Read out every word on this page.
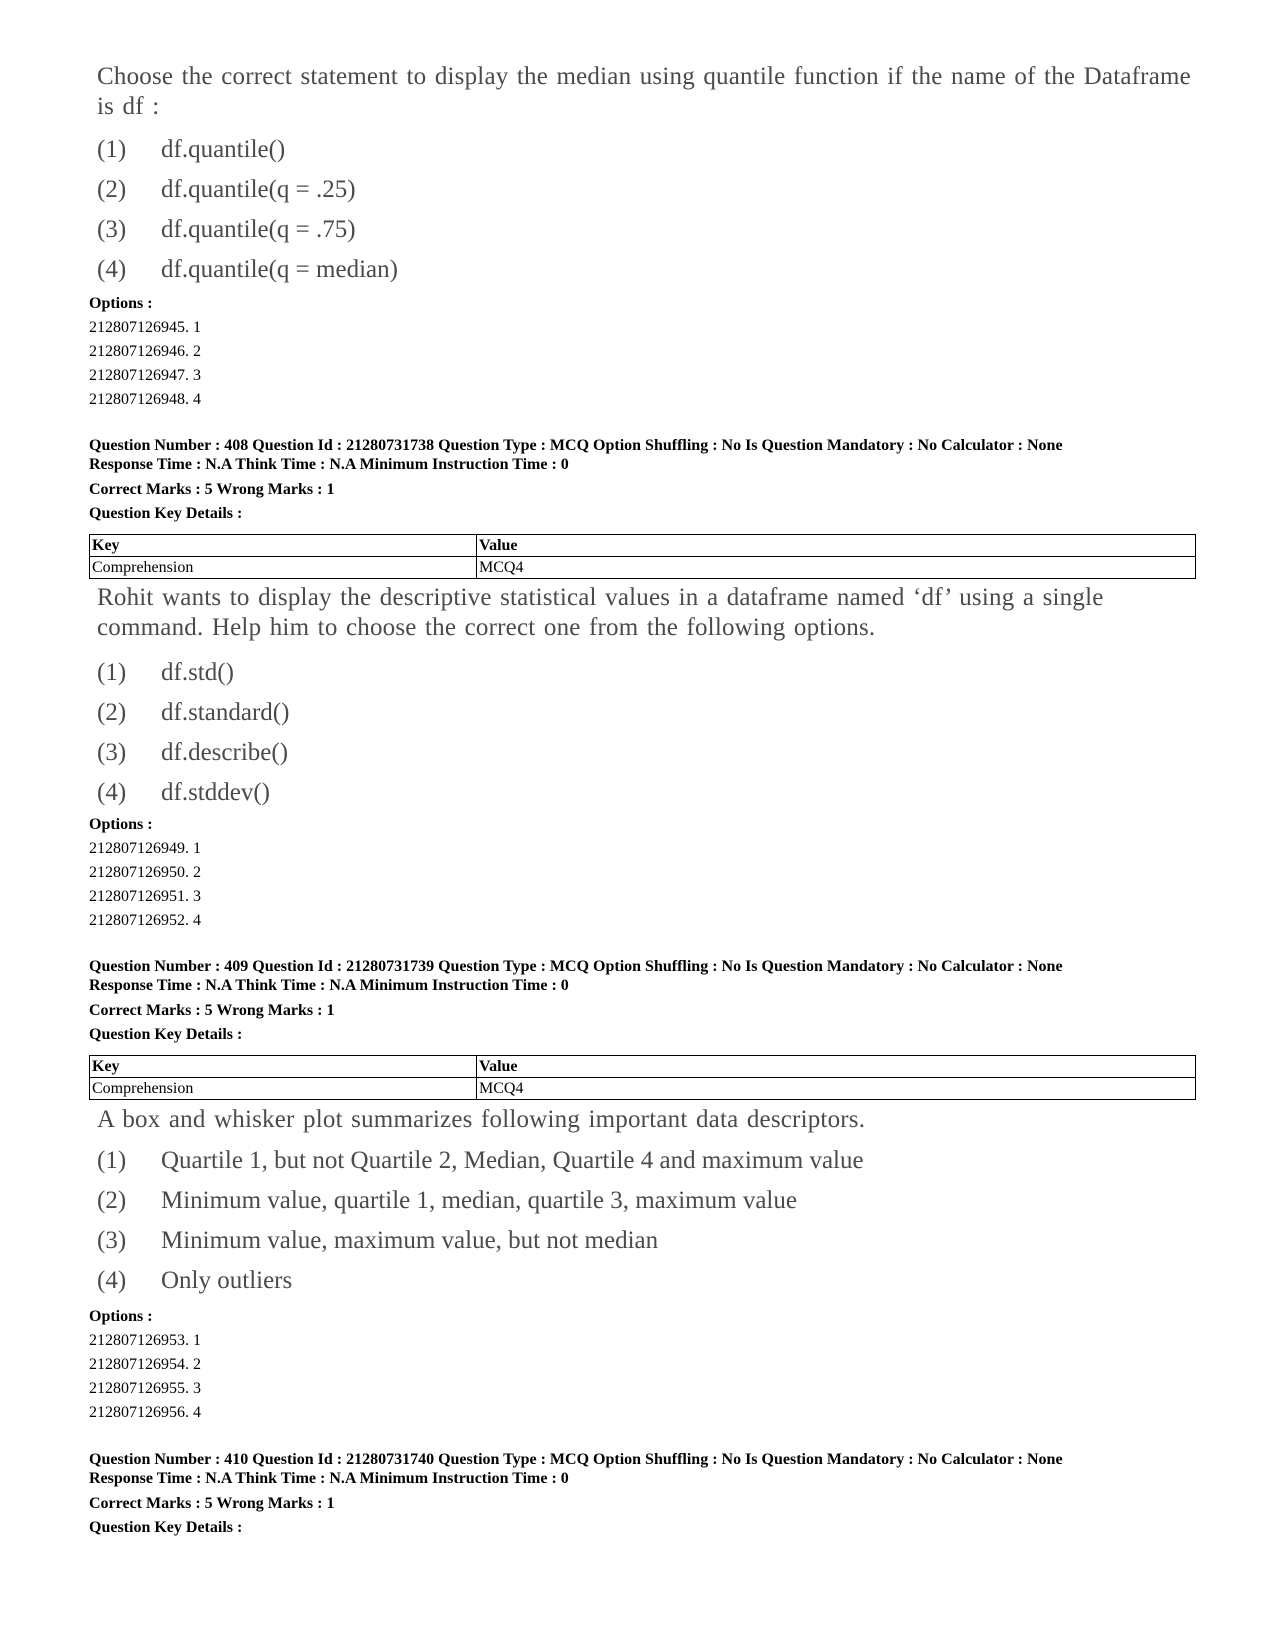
Choose the correct statement to display the median using quantile function if the name of the Dataframe is df :
(1)	df.quantile()
(2)	df.quantile(q = .25)
(3)	df.quantile(q = .75)
(4)	df.quantile(q = median)
Options :
212807126945. 1
212807126946. 2
212807126947. 3
212807126948. 4
Question Number : 408 Question Id : 21280731738 Question Type : MCQ Option Shuffling : No Is Question Mandatory : No Calculator : None
Response Time : N.A Think Time : N.A Minimum Instruction Time : 0
Correct Marks : 5 Wrong Marks : 1
Question Key Details :
Key	Value
Comprehension	MCQ4
Rohit wants to display the descriptive statistical values in a dataframe named ‘df’ using a single command. Help him to choose the correct one from the following options.
(1)	df.std()
(2)	df.standard()
(3)	df.describe()
(4)	df.stddev()
Options :
212807126949. 1
212807126950. 2
212807126951. 3
212807126952. 4
Question Number : 409 Question Id : 21280731739 Question Type : MCQ Option Shuffling : No Is Question Mandatory : No Calculator : None
Response Time : N.A Think Time : N.A Minimum Instruction Time : 0
Correct Marks : 5 Wrong Marks : 1
Question Key Details :
Key	Value
Comprehension	MCQ4
A box and whisker plot summarizes following important data descriptors.
(1)	Quartile 1, but not Quartile 2, Median, Quartile 4 and maximum value
(2)	Minimum value, quartile 1, median, quartile 3, maximum value
(3)	Minimum value, maximum value, but not median
(4)	Only outliers
Options :
212807126953. 1
212807126954. 2
212807126955. 3
212807126956. 4
Question Number : 410 Question Id : 21280731740 Question Type : MCQ Option Shuffling : No Is Question Mandatory : No Calculator : None
Response Time : N.A Think Time : N.A Minimum Instruction Time : 0
Correct Marks : 5 Wrong Marks : 1
Question Key Details :
